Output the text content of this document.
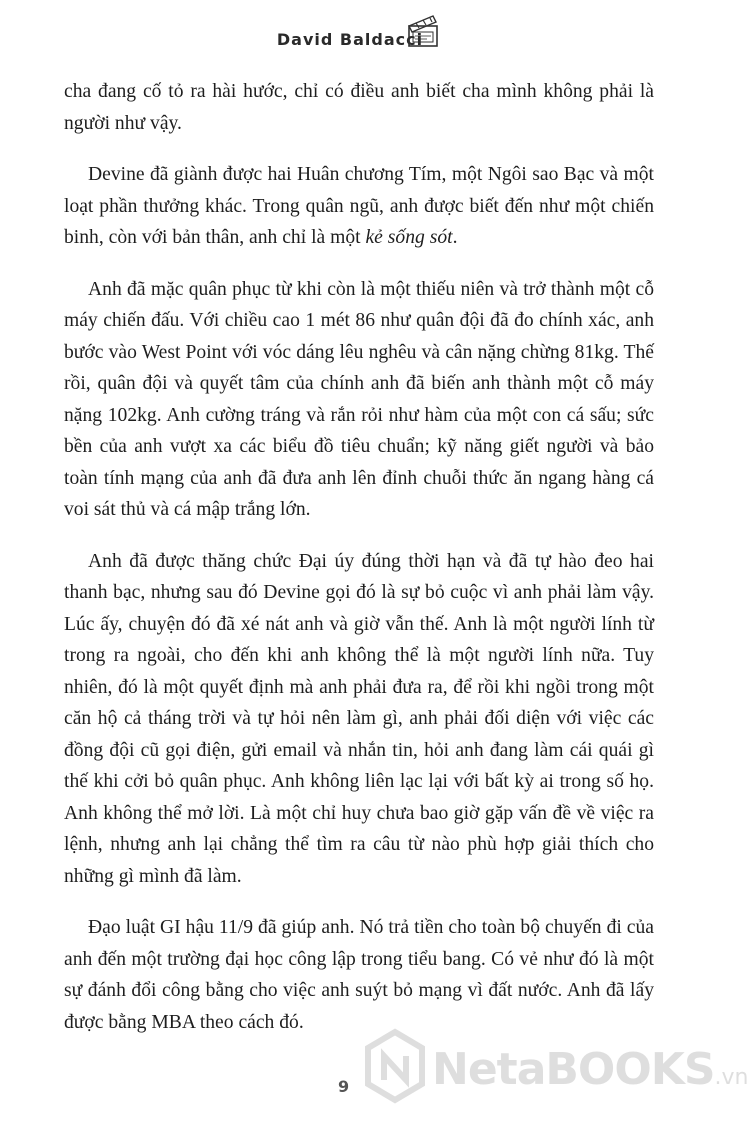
David Baldacci

cha đang cố tỏ ra hài hước, chỉ có điều anh biết cha mình không phải là người như vậy.

Devine đã giành được hai Huân chương Tím, một Ngôi sao Bạc và một loạt phần thưởng khác. Trong quân ngũ, anh được biết đến như một chiến binh, còn với bản thân, anh chỉ là một kẻ sống sót.

Anh đã mặc quân phục từ khi còn là một thiếu niên và trở thành một cỗ máy chiến đấu. Với chiều cao 1 mét 86 như quân đội đã đo chính xác, anh bước vào West Point với vóc dáng lêu nghêu và cân nặng chừng 81kg. Thế rồi, quân đội và quyết tâm của chính anh đã biến anh thành một cỗ máy nặng 102kg. Anh cường tráng và rắn rỏi như hàm của một con cá sấu; sức bền của anh vượt xa các biểu đồ tiêu chuẩn; kỹ năng giết người và bảo toàn tính mạng của anh đã đưa anh lên đỉnh chuỗi thức ăn ngang hàng cá voi sát thủ và cá mập trắng lớn.

Anh đã được thăng chức Đại úy đúng thời hạn và đã tự hào đeo hai thanh bạc, nhưng sau đó Devine gọi đó là sự bỏ cuộc vì anh phải làm vậy. Lúc ấy, chuyện đó đã xé nát anh và giờ vẫn thế. Anh là một người lính từ trong ra ngoài, cho đến khi anh không thể là một người lính nữa. Tuy nhiên, đó là một quyết định mà anh phải đưa ra, để rồi khi ngồi trong một căn hộ cả tháng trời và tự hỏi nên làm gì, anh phải đối diện với việc các đồng đội cũ gọi điện, gửi email và nhắn tin, hỏi anh đang làm cái quái gì thế khi cởi bỏ quân phục. Anh không liên lạc lại với bất kỳ ai trong số họ. Anh không thể mở lời. Là một chỉ huy chưa bao giờ gặp vấn đề về việc ra lệnh, nhưng anh lại chẳng thể tìm ra câu từ nào phù hợp giải thích cho những gì mình đã làm.

Đạo luật GI hậu 11/9 đã giúp anh. Nó trả tiền cho toàn bộ chuyến đi của anh đến một trường đại học công lập trong tiểu bang. Có vẻ như đó là một sự đánh đổi công bằng cho việc anh suýt bỏ mạng vì đất nước. Anh đã lấy được bằng MBA theo cách đó.

NetaBOOKS.vn
9
